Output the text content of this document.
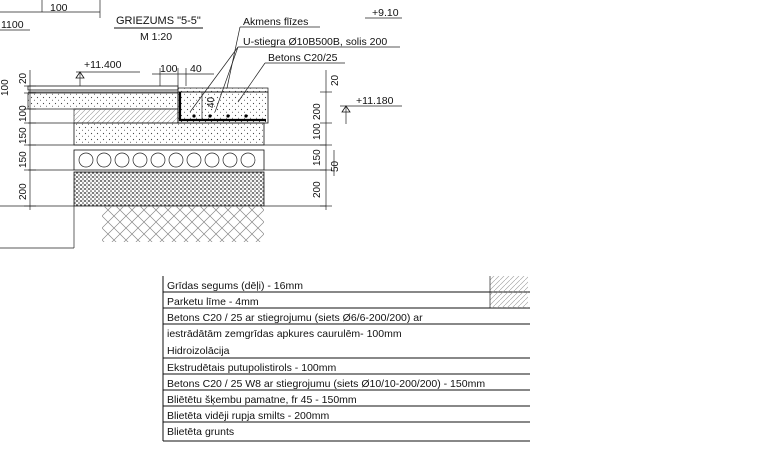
100
1100
+9.10
GRIEZUMS "5-5"
M 1:20
Akmens flīzes
U-stiegra Ø10B500B, solis 200
Betons C20/25
20
100
100
150
150
200
+11.400	100 40
40
200
20
100
150
200
50
+11.180
Grīdas segums (dēļi) - 16mm
Parketu līme - 4mm
Betons C20 / 25 ar stiegrojumu (siets Ø6/6-200/200) ar
iestrādātām zemgrīdas apkures caurulēm- 100mm
Hidroizolācija
Ekstrudētais putupolistirols - 100mm
Betons C20 / 25 W8 ar stiegrojumu (siets Ø10/10-200/200) - 150mm
Bliētētu šķembu pamatne, fr 45 - 150mm
Blietēta vidēji rupja smilts - 200mm
Blietēta grunts
